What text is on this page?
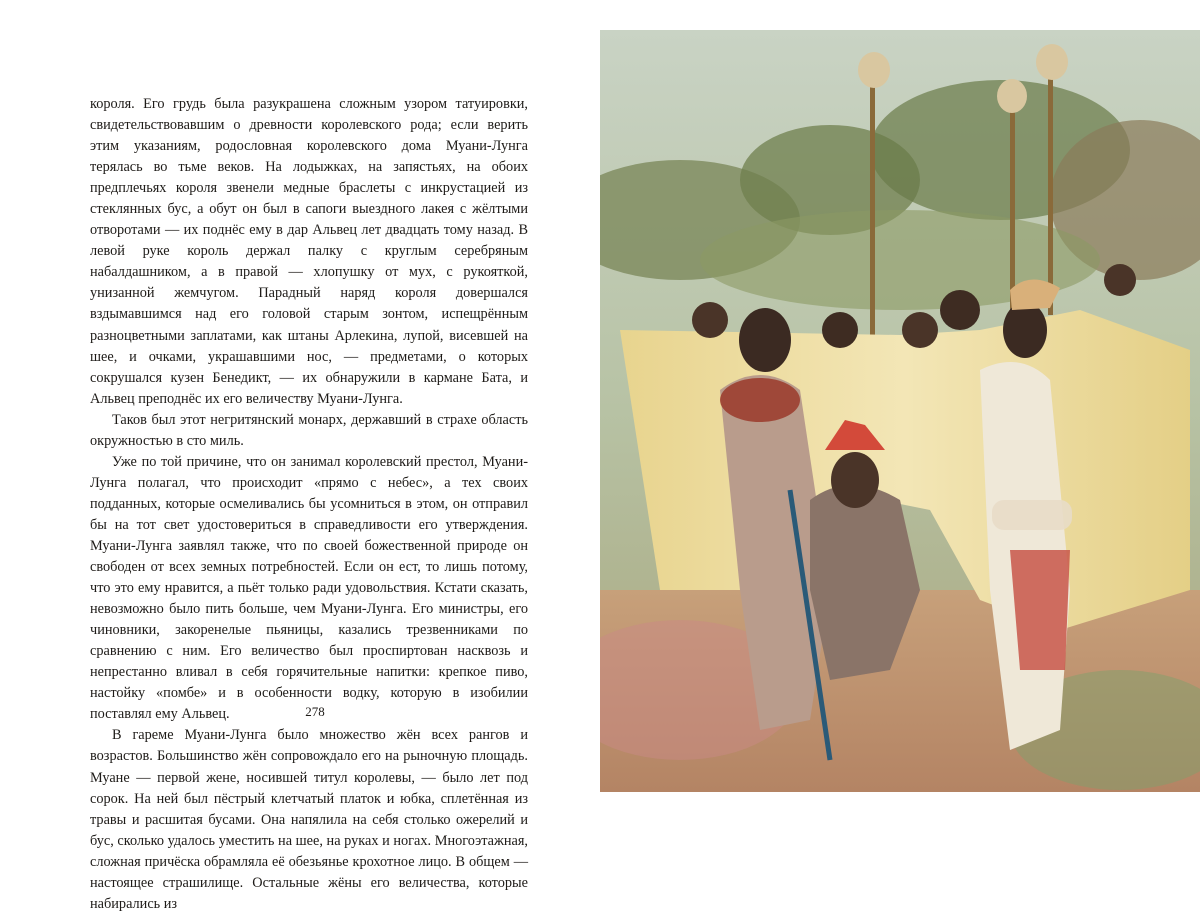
короля. Его грудь была разукрашена сложным узором татуировки, свидетельствовавшим о древности королевского рода; если верить этим указаниям, родословная королевского дома Муани-Лунга терялась во тьме веков. На лодыжках, на запястьях, на обоих предплечьях короля звенели медные браслеты с инкрустацией из стеклянных бус, а обут он был в сапоги выездного лакея с жёлтыми отворотами — их поднёс ему в дар Альвец лет двадцать тому назад. В левой руке король держал палку с круглым серебряным набалдашником, а в правой — хлопушку от мух, с рукояткой, унизанной жемчугом. Парадный наряд короля довершался вздымавшимся над его головой старым зонтом, испещрённым разноцветными заплатами, как штаны Арлекина, лупой, висевшей на шее, и очками, украшавшими нос, — предметами, о которых сокрушался кузен Бенедикт, — их обнаружили в кармане Бата, и Альвец преподнёс их его величеству Муани-Лунга.

Таков был этот негритянский монарх, державший в страхе область окружностью в сто миль.

Уже по той причине, что он занимал королевский престол, Муани-Лунга полагал, что происходит «прямо с небес», а тех своих подданных, которые осмеливались бы усомниться в этом, он отправил бы на тот свет удостовериться в справедливости его утверждения. Муани-Лунга заявлял также, что по своей божественной природе он свободен от всех земных потребностей. Если он ест, то лишь потому, что это ему нравится, а пьёт только ради удовольствия. Кстати сказать, невозможно было пить больше, чем Муани-Лунга. Его министры, его чиновники, закоренелые пьяницы, казались трезвенниками по сравнению с ним. Его величество был проспиртован насквозь и непрестанно вливал в себя горячительные напитки: крепкое пиво, настойку «помбе» и в особенности водку, которую в изобилии поставлял ему Альвец.

В гареме Муани-Лунга было множество жён всех рангов и возрастов. Большинство жён сопровождало его на рыночную площадь. Муане — первой жене, носившей титул королевы, — было лет под сорок. На ней был пёстрый клетчатый платок и юбка, сплетённая из травы и расшитая бусами. Она напялила на себя столько ожерелий и бус, сколько удалось уместить на шее, на руках и ногах. Многоэтажная, сложная причёска обрамляла её обезьянье крохотное лицо. В общем — настоящее страшилище. Остальные жёны его величества, которые набирались из

278
